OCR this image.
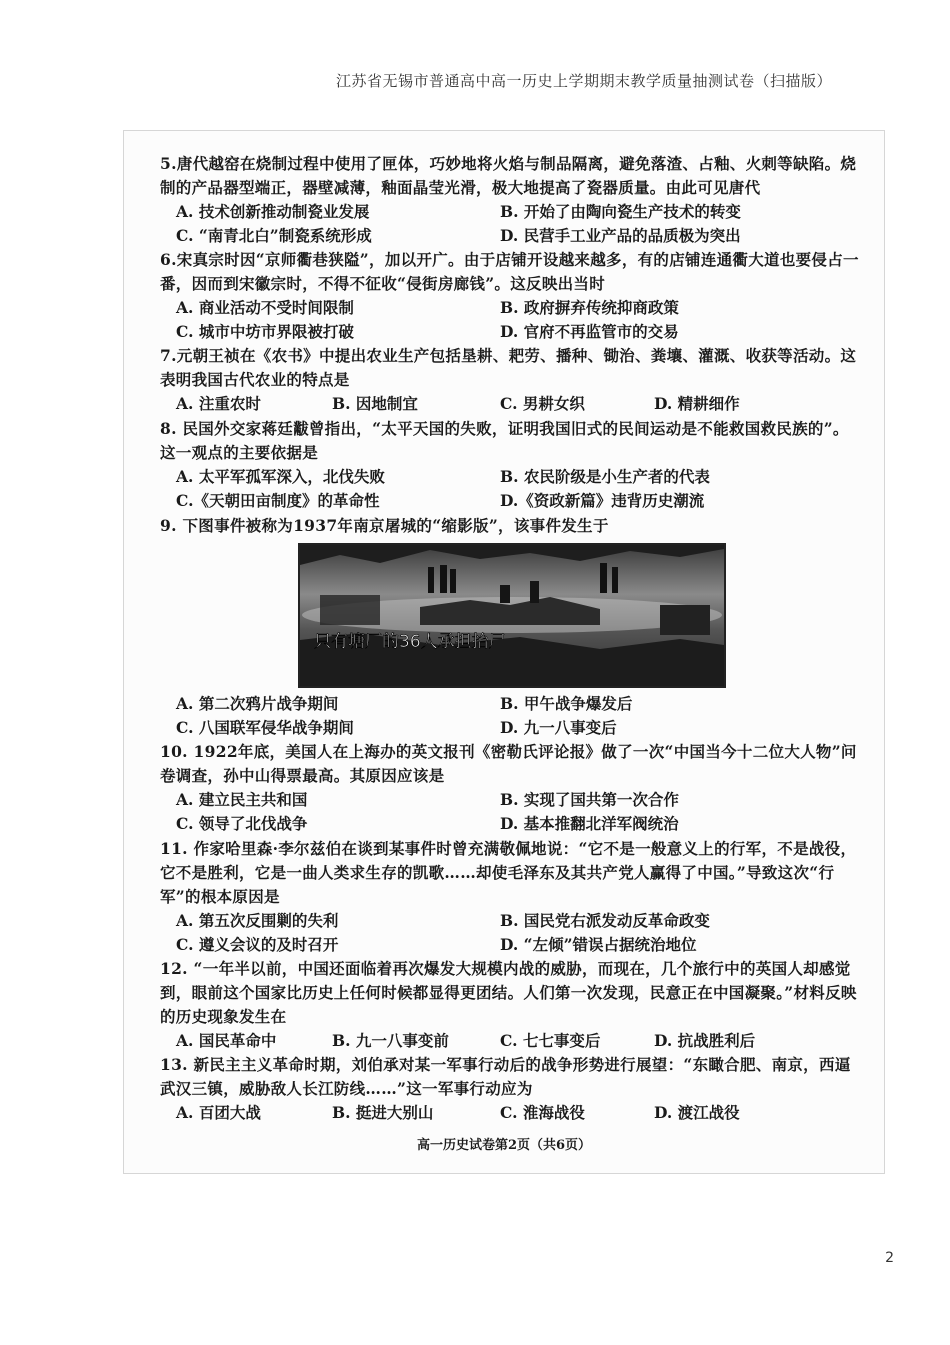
江苏省无锡市普通高中高一历史上学期期末教学质量抽测试卷（扫描版）
5.唐代越窑在烧制过程中使用了匣体，巧妙地将火焰与制品隔离，避免落渣、占釉、火刺等缺陷。烧制的产品器型端正，器壁减薄，釉面晶莹光滑，极大地提高了瓷器质量。由此可见唐代
A. 技术创新推动制瓷业发展	B. 开始了由陶向瓷生产技术的转变
C. “南青北白”制瓷系统形成	D. 民营手工业产品的品质极为突出
6.宋真宗时因“京师衢巷狭隘”，加以开广。由于店铺开设越来越多，有的店铺连通衢大道也要侵占一番，因而到宋徽宗时，不得不征收“侵街房廊钱”。这反映出当时
A. 商业活动不受时间限制	B. 政府摒弃传统抑商政策
C. 城市中坊市界限被打破	D. 官府不再监管市的交易
7.元朝王祯在《农书》中提出农业生产包括垦耕、耙劳、播种、锄治、粪壤、灌溉、收获等活动。这表明我国古代农业的特点是
A. 注重农时	B. 因地制宜	C. 男耕女织	D. 精耕细作
8. 民国外交家蒋廷黻曾指出，“太平天国的失败，证明我国旧式的民间运动是不能救国救民族的”。这一观点的主要依据是
A. 太平军孤军深入，北伐失败	B. 农民阶级是小生产者的代表
C.《天朝田亩制度》的革命性	D.《资政新篇》违背历史潮流
9. 下图事件被称为1937年南京屠城的“缩影版”，该事件发生于
只有塘厂的36人承担抬尸
A. 第二次鸦片战争期间	B. 甲午战争爆发后
C. 八国联军侵华战争期间	D. 九一八事变后
10. 1922年底，美国人在上海办的英文报刊《密勒氏评论报》做了一次“中国当今十二位大人物”问卷调查，孙中山得票最高。其原因应该是
A. 建立民主共和国	B. 实现了国共第一次合作
C. 领导了北伐战争	D. 基本推翻北洋军阀统治
11. 作家哈里森·李尔兹伯在谈到某事件时曾充满敬佩地说：“它不是一般意义上的行军，不是战役，它不是胜利，它是一曲人类求生存的凯歌……却使毛泽东及其共产党人赢得了中国。”导致这次“行军”的根本原因是
A. 第五次反围剿的失利	B. 国民党右派发动反革命政变
C. 遵义会议的及时召开	D. “左倾”错误占据统治地位
12. “一年半以前，中国还面临着再次爆发大规模内战的威胁，而现在，几个旅行中的英国人却感觉到，眼前这个国家比历史上任何时候都显得更团结。人们第一次发现，民意正在中国凝聚。”材料反映的历史现象发生在
A. 国民革命中	B. 九一八事变前	C. 七七事变后	D. 抗战胜利后
13. 新民主主义革命时期，刘伯承对某一军事行动后的战争形势进行展望：“东瞰合肥、南京，西逼武汉三镇，威胁敌人长江防线……”这一军事行动应为
A. 百团大战	B. 挺进大别山	C. 淮海战役	D. 渡江战役
高一历史试卷第2页（共6页）
2
